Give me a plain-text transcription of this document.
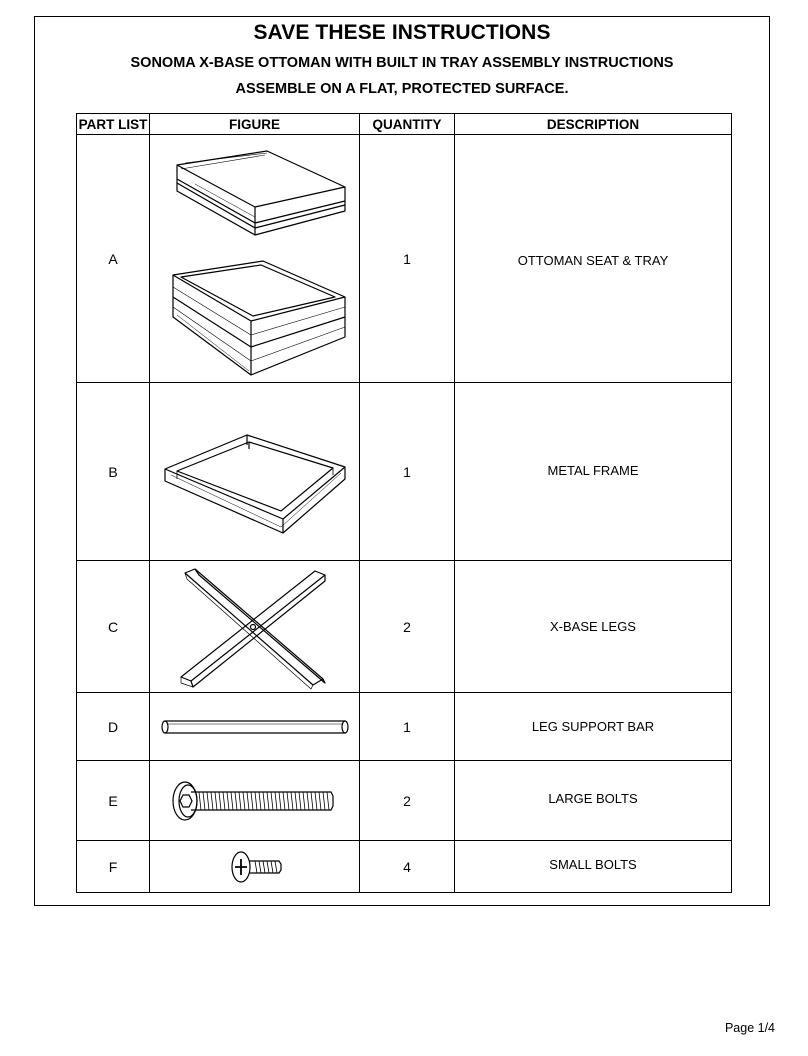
SAVE THESE INSTRUCTIONS
SONOMA X-BASE OTTOMAN WITH BUILT IN TRAY ASSEMBLY INSTRUCTIONS
ASSEMBLE ON A FLAT, PROTECTED SURFACE.
PART LIST	FIGURE	QUANTITY	DESCRIPTION
A		1	OTTOMAN SEAT & TRAY
B		1	METAL FRAME
C		2	X-BASE LEGS
D		1	LEG SUPPORT BAR
E		2	LARGE BOLTS
F		4	SMALL BOLTS
Page 1/4
